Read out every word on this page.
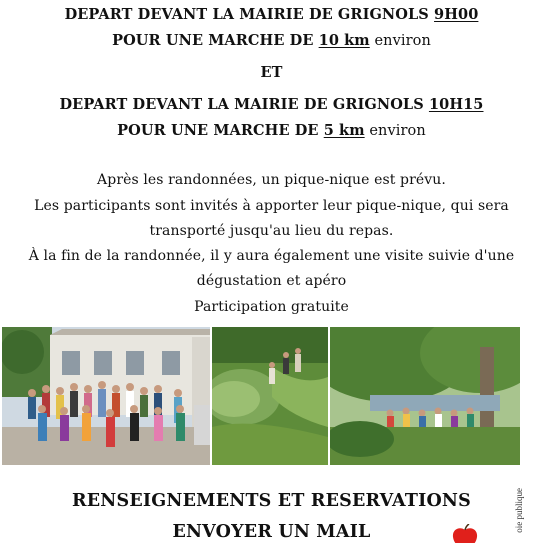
DEPART DEVANT LA MAIRIE DE GRIGNOLS 9H00
POUR UNE MARCHE DE 10 km environ
ET
DEPART DEVANT LA MAIRIE DE GRIGNOLS 10H15
POUR UNE MARCHE DE 5 km environ
Après les randonnées, un pique-nique est prévu.
Les participants sont invités à apporter leur pique-nique, qui sera
transporté jusqu'au lieu du repas.
À la fin de la randonnée, il y aura également une visite suivie d'une
dégustation et apéro
Participation gratuite
RENSEIGNEMENTS ET RESERVATIONS
ENVOYER UN MAIL	oie publique
